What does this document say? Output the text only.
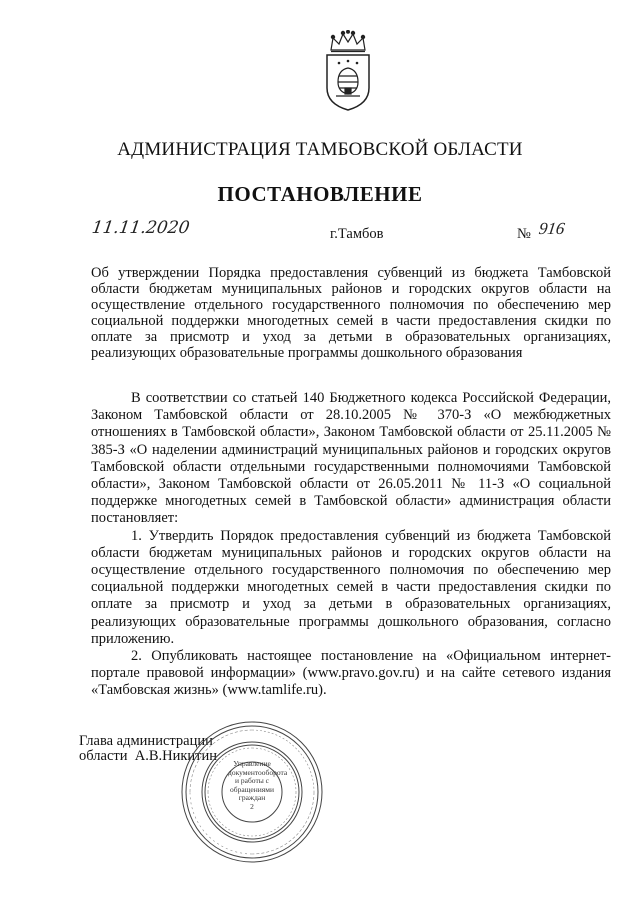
АДМИНИСТРАЦИЯ ТАМБОВСКОЙ ОБЛАСТИ
ПОСТАНОВЛЕНИЕ
11.11.2020	г.Тамбов	№ 916
Об утверждении Порядка предоставления субвенций из бюджета Тамбовской области бюджетам муниципальных районов и городских округов области на осуществление отдельного государственного полномочия по обеспечению мер социальной поддержки многодетных семей в части предоставления скидки по оплате за присмотр и уход за детьми в образовательных организациях, реализующих образовательные программы дошкольного образования

В соответствии со статьей 140 Бюджетного кодекса Российской Федерации, Законом Тамбовской области от 28.10.2005 № 370-З «О межбюджетных отношениях в Тамбовской области», Законом Тамбовской области от 25.11.2005 № 385-З «О наделении администраций муниципальных районов и городских округов Тамбовской области отдельными государственными полномочиями Тамбовской области», Законом Тамбовской области от 26.05.2011 № 11-З «О социальной поддержке многодетных семей в Тамбовской области» администрация области постановляет:

1. Утвердить Порядок предоставления субвенций из бюджета Тамбовской области бюджетам муниципальных районов и городских округов области на осуществление отдельного государственного полномочия по обеспечению мер социальной поддержки многодетных семей в части предоставления скидки по оплате за присмотр и уход за детьми в образовательных организациях, реализующих образовательные программы дошкольного образования, согласно приложению.

2. Опубликовать настоящее постановление на «Официальном интернет-портале правовой информации» (www.pravo.gov.ru) и на сайте сетевого издания «Тамбовская жизнь» (www.tamlife.ru).

Глава администрации
области А.В.Никитин	Управление документооборота и работы с обращениями граждан
2
